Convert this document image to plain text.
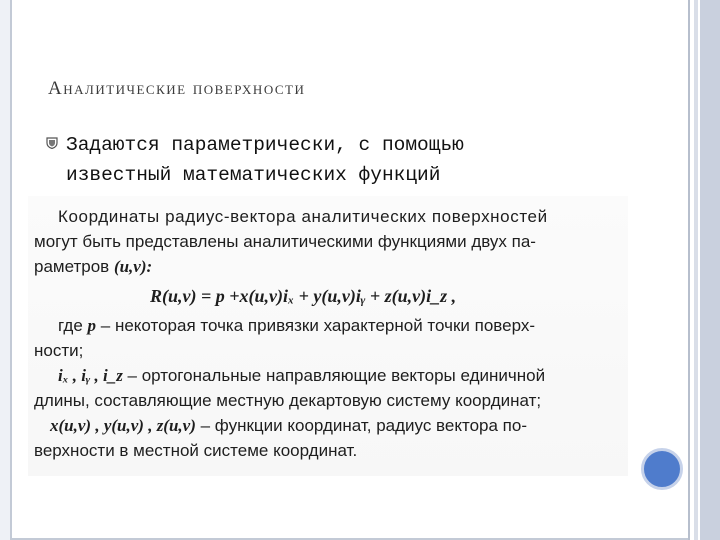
Аналитические поверхности
Задаются параметрически, с помощью
известный математических функций
Координаты радиус-вектора аналитических поверхностей
могут быть представлены аналитическими функциями двух па-
раметров (u,v):
R(u,v) = p +x(u,v)iₓ + y(u,v)iᵧ + z(u,v)i_z ,
где p – некоторая точка привязки характерной точки поверх-
ности;
iₓ , iᵧ , i_z – ортогональные направляющие векторы единичной
длины, составляющие местную декартовую систему координат;
x(u,v) , y(u,v) , z(u,v) – функции координат, радиус вектора по-
верхности в местной системе координат.
